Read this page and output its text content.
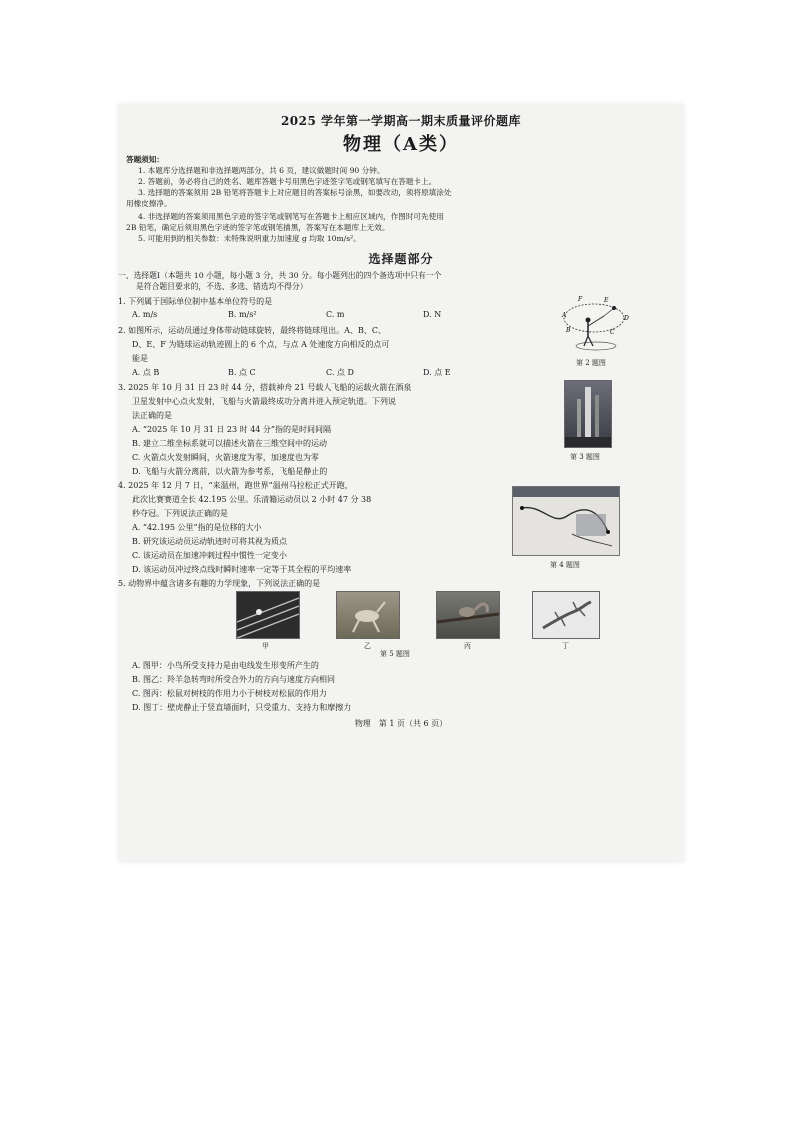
2025 学年第一学期高一期末质量评价题库
物理（A类）
答题须知：
1. 本题库分选择题和非选择题两部分，共 6 页，建议做题时间 90 分钟。
2. 答题前，务必将自己的姓名、题库答题卡号用黑色字迹签字笔或钢笔填写在答题卡上。
3. 选择题的答案须用 2B 铅笔将答题卡上对应题目的答案标号涂黑，如要改动，须将原填涂处
用橡皮擦净。
4. 非选择题的答案须用黑色字迹的签字笔或钢笔写在答题卡上相应区域内，作图时可先使用
2B 铅笔，确定后须用黑色字迹的签字笔或钢笔描黑，答案写在本题库上无效。
5. 可能用到的相关参数：未特殊说明重力加速度 g 均取 10m/s²。
选择题部分
一、选择题Ⅰ（本题共 10 小题，每小题 3 分，共 30 分。每小题列出的四个备选项中只有一个
是符合题目要求的，不选、多选、错选均不得分）
1. 下列属于国际单位制中基本单位符号的是
A. m/s	B. m/s²	C. m	D. N
2. 如图所示，运动员通过身体带动链球旋转，最终将链球甩出。A、B、C、
D、E、F 为链球运动轨迹圆上的 6 个点，与点 A 处速度方向相反的点可
能是
A. 点 B	B. 点 C	C. 点 D	D. 点 E
F	E
A
B	C
D
第 2 题图
3. 2025 年 10 月 31 日 23 时 44 分，搭载神舟 21 号载人飞船的运载火箭在酒泉
卫星发射中心点火发射，飞船与火箭最终成功分离并进入预定轨道。下列说
法正确的是
A. “2025 年 10 月 31 日 23 时 44 分”指的是时间间隔
B. 建立二维坐标系就可以描述火箭在三维空间中的运动
C. 火箭点火发射瞬间，火箭速度为零，加速度也为零
D. 飞船与火箭分离前，以火箭为参考系，飞船是静止的
第 3 题图
4. 2025 年 12 月 7 日，“来温州，跑世界”温州马拉松正式开跑，
此次比赛赛道全长 42.195 公里。乐清籍运动员以 2 小时 47 分 38
秒夺冠。下列说法正确的是
A. “42.195 公里”指的是位移的大小
B. 研究该运动员运动轨迹时可将其视为质点
C. 该运动员在加速冲刺过程中惯性一定变小
D. 该运动员冲过终点线时瞬时速率一定等于其全程的平均速率	第 4 题图
5. 动物界中蕴含诸多有趣的力学现象，下列说法正确的是
甲	乙	丙	丁
第 5 题图
A. 图甲：小鸟所受支持力是由电线发生形变所产生的
B. 图乙：羚羊急转弯时所受合外力的方向与速度方向相同
C. 图丙：松鼠对树枝的作用力小于树枝对松鼠的作用力
D. 图丁：壁虎静止于竖直墙面时，只受重力、支持力和摩擦力
物理　第 1 页（共 6 页）
